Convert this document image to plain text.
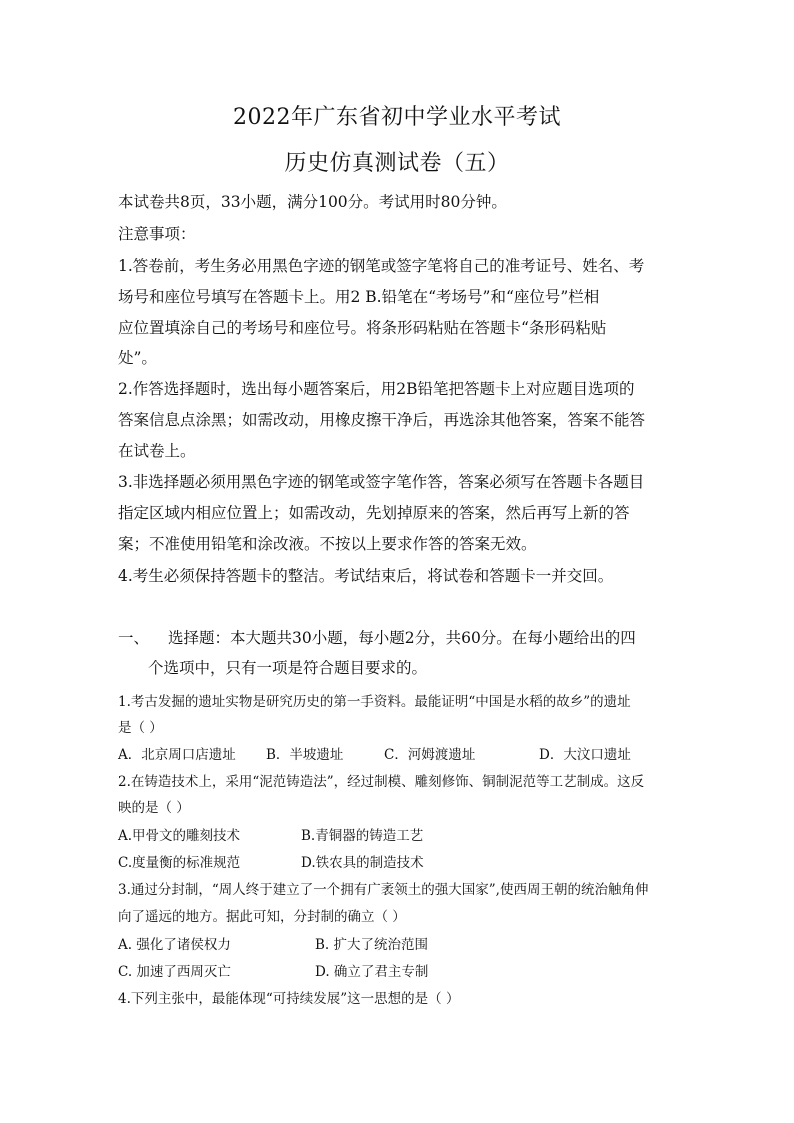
2022年广东省初中学业水平考试
历史仿真测试卷（五）
本试卷共8页，33小题，满分100分。考试用时80分钟。
注意事项：
1.答卷前，考生务必用黑色字迹的钢笔或签字笔将自己的准考证号、姓名、考
场号和座位号填写在答题卡上。用2 B.铅笔在“考场号”和“座位号”栏相
应位置填涂自己的考场号和座位号。将条形码粘贴在答题卡“条形码粘贴
处”。
2.作答选择题时，选出每小题答案后，用2B铅笔把答题卡上对应题目选项的
答案信息点涂黑；如需改动，用橡皮擦干净后，再选涂其他答案，答案不能答
在试卷上。
3.非选择题必须用黑色字迹的钢笔或签字笔作答，答案必须写在答题卡各题目
指定区域内相应位置上；如需改动，先划掉原来的答案，然后再写上新的答
案；不准使用铅笔和涂改液。不按以上要求作答的答案无效。
4.考生必须保持答题卡的整洁。考试结束后，将试卷和答题卡一并交回。
一、 选择题：本大题共30小题，每小题2分，共60分。在每小题给出的四
个选项中，只有一项是符合题目要求的。
1.考古发掘的遗址实物是研究历史的第一手资料。最能证明“中国是水稻的故乡”的遗址
是（ ）
A．北京周口店遗址 B．半坡遗址	C．河姆渡遗址	D．大汶口遗址
2.在铸造技术上，采用“泥范铸造法”，经过制模、雕刻修饰、铜制泥范等工艺制成。这反
映的是（ ）
A.甲骨文的雕刻技术	B.青铜器的铸造工艺
C.度量衡的标准规范	D.铁农具的制造技术
3.通过分封制，“周人终于建立了一个拥有广袤领土的强大国家”,使西周王朝的统治触角伸
向了遥远的地方。据此可知，分封制的确立（ ）
A. 强化了诸侯权力	B. 扩大了统治范围
C. 加速了西周灭亡	D. 确立了君主专制
4.下列主张中，最能体现“可持续发展”这一思想的是（ ）
